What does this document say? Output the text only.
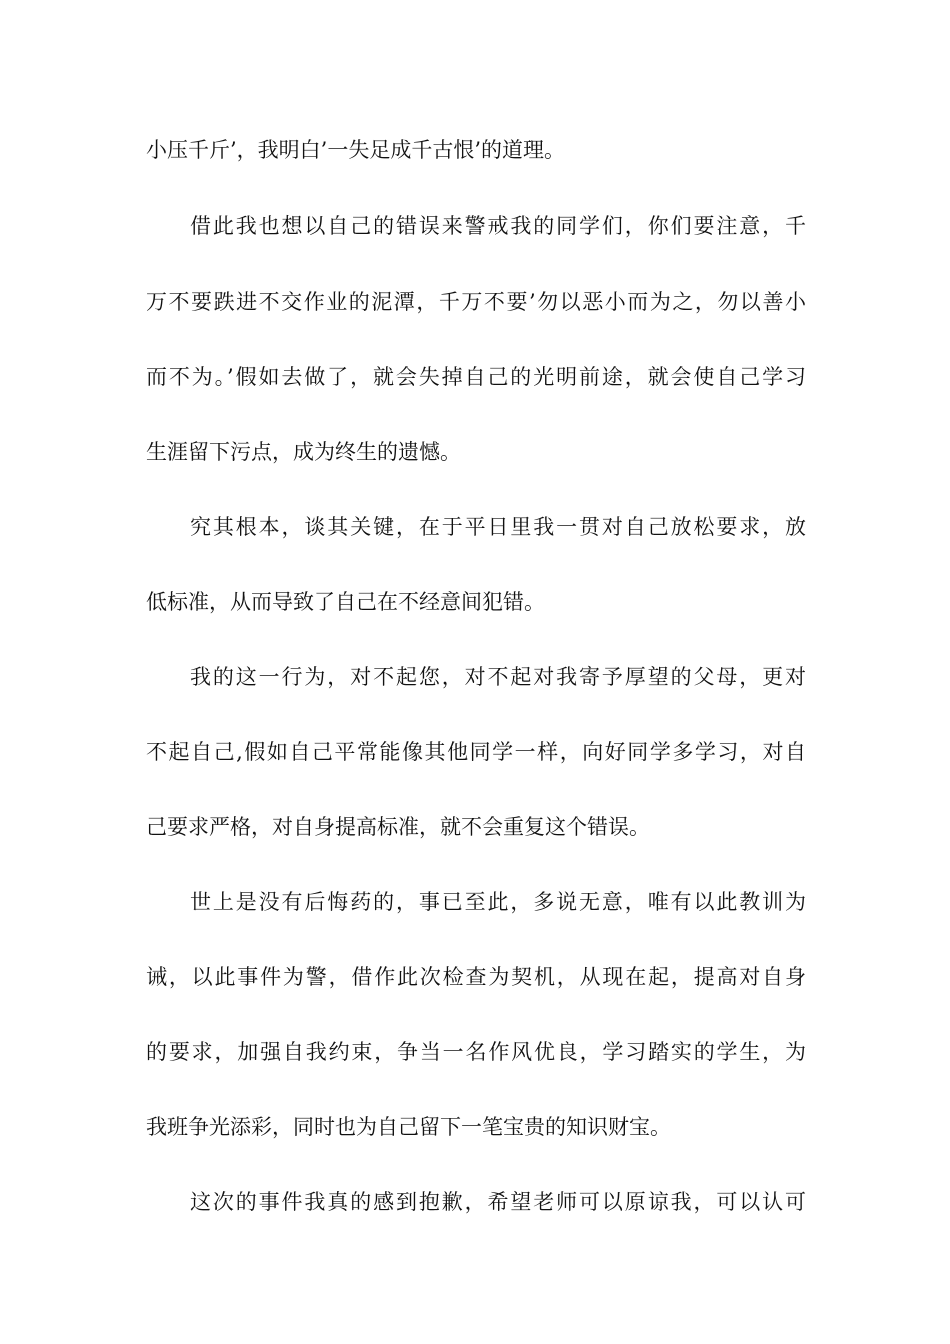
小压千斤’，我明白’一失足成千古恨’的道理。
借此我也想以自己的错误来警戒我的同学们，你们要注意，千
万不要跌进不交作业的泥潭，千万不要’勿以恶小而为之，勿以善小
而不为。’假如去做了，就会失掉自己的光明前途，就会使自己学习
生涯留下污点，成为终生的遗憾。
究其根本，谈其关键，在于平日里我一贯对自己放松要求，放
低标准，从而导致了自己在不经意间犯错。
我的这一行为，对不起您，对不起对我寄予厚望的父母，更对
不起自己,假如自己平常能像其他同学一样，向好同学多学习，对自
己要求严格，对自身提高标准，就不会重复这个错误。
世上是没有后悔药的，事已至此，多说无意，唯有以此教训为
诫，以此事件为警，借作此次检查为契机，从现在起，提高对自身
的要求，加强自我约束，争当一名作风优良，学习踏实的学生，为
我班争光添彩，同时也为自己留下一笔宝贵的知识财宝。
这次的事件我真的感到抱歉，希望老师可以原谅我，可以认可
